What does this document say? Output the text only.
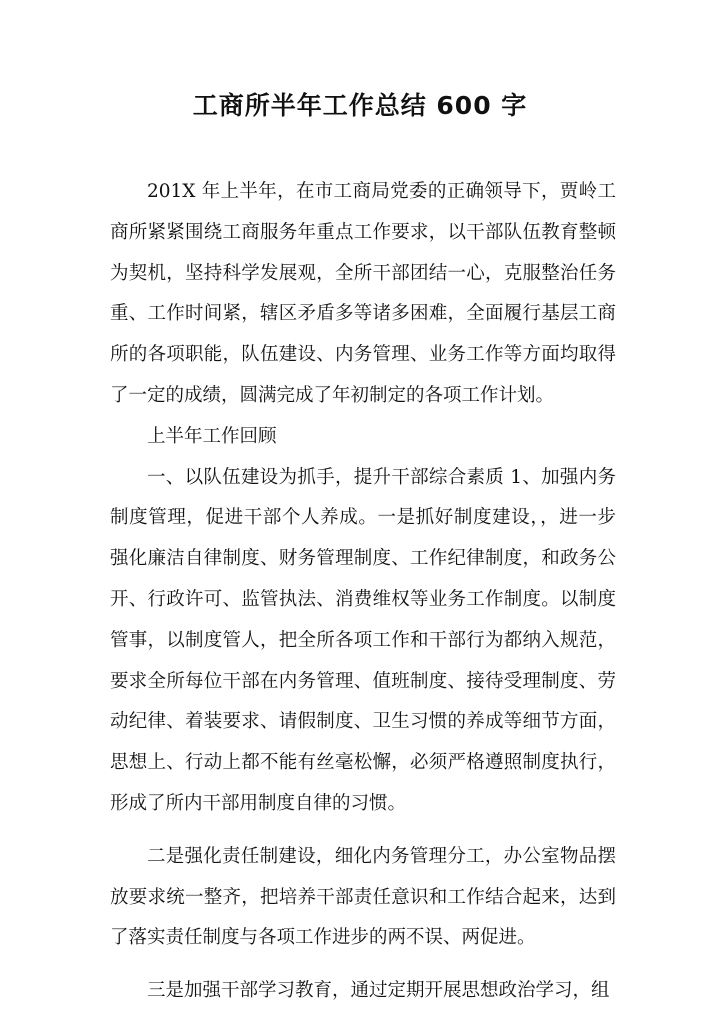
工商所半年工作总结 600 字

201X 年上半年，在市工商局党委的正确领导下，贾岭工商所紧紧围绕工商服务年重点工作要求，以干部队伍教育整顿为契机，坚持科学发展观，全所干部团结一心，克服整治任务重、工作时间紧，辖区矛盾多等诸多困难，全面履行基层工商所的各项职能，队伍建设、内务管理、业务工作等方面均取得了一定的成绩，圆满完成了年初制定的各项工作计划。

上半年工作回顾

一、以队伍建设为抓手，提升干部综合素质 1、加强内务制度管理，促进干部个人养成。一是抓好制度建设，，进一步强化廉洁自律制度、财务管理制度、工作纪律制度，和政务公开、行政许可、监管执法、消费维权等业务工作制度。以制度管事，以制度管人，把全所各项工作和干部行为都纳入规范，要求全所每位干部在内务管理、值班制度、接待受理制度、劳动纪律、着装要求、请假制度、卫生习惯的养成等细节方面，思想上、行动上都不能有丝毫松懈，必须严格遵照制度执行，形成了所内干部用制度自律的习惯。

二是强化责任制建设，细化内务管理分工，办公室物品摆放要求统一整齐，把培养干部责任意识和工作结合起来，达到了落实责任制度与各项工作进步的两不误、两促进。

三是加强干部学习教育，通过定期开展思想政治学习，组
